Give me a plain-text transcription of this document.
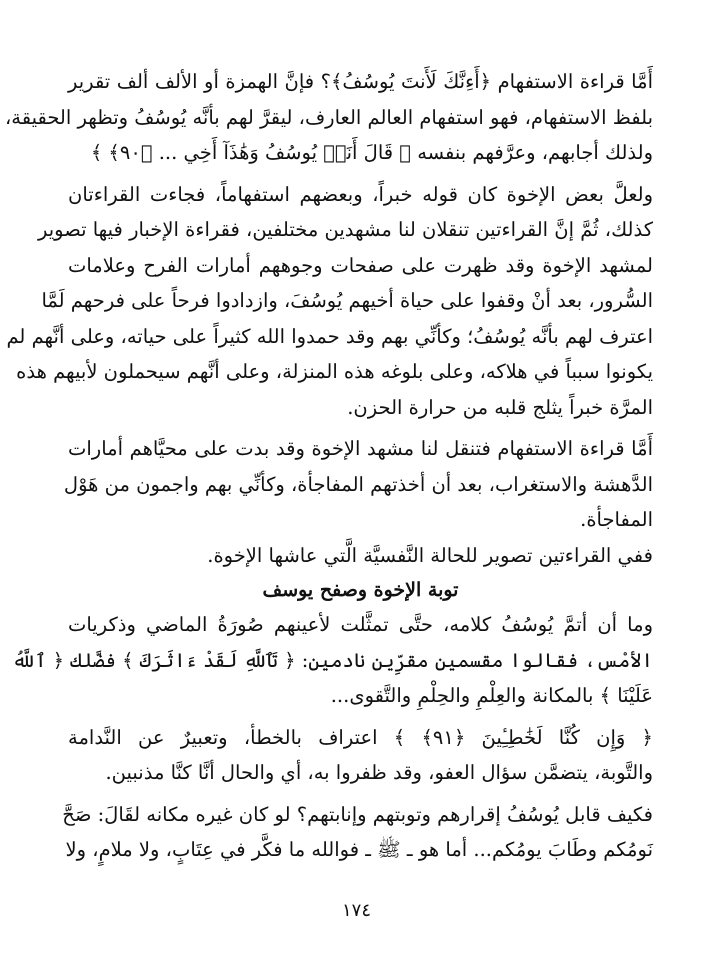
أَمَّا قراءة الاستفهام ﴿أَءِنَّكَ لَأَنتَ يُوسُفُ﴾؟ فإنَّ الهمزة أو الألف ألف تقرير
بلفظ الاستفهام، فهو استفهام العالم العارف، ليقرَّ لهم بأنَّه يُوسُفُ وتظهر الحقيقة،
ولذلك أجابهم، وعرَّفهم بنفسه ﴿ قَالَ أَنَا۠ يُوسُفُ وَهَٰذَآ أَخِي ... ﴿٩٠﴾ ﴾
ولعلَّ بعض الإخوة كان قوله خبراً، وبعضهم استفهاماً، فجاءت القراءتان
كذلك، ثُمَّ إنَّ القراءتين تنقلان لنا مشهدين مختلفين، فقراءة الإخبار فيها تصوير
لمشهد الإخوة وقد ظهرت على صفحات وجوههم أمارات الفرح وعلامات
السُّرور، بعد أنْ وقفوا على حياة أخيهم يُوسُفَ، وازدادوا فرحاً على فرحهم لَمَّا
اعترف لهم بأنَّه يُوسُفُ؛ وكأنِّي بهم وقد حمدوا الله كثيراً على حياته، وعلى أنَّهم لم
يكونوا سبباً في هلاكه، وعلى بلوغه هذه المنزلة، وعلى أنَّهم سيحملون لأبيهم هذه
المرَّة خبراً يثلج قلبه من حرارة الحزن.
أَمَّا قراءة الاستفهام فتنقل لنا مشهد الإخوة وقد بدت على محيَّاهم أمارات
الدَّهشة والاستغراب، بعد أن أخذتهم المفاجأة، وكأنِّي بهم واجمون من هَوْل
المفاجأة.
ففي القراءتين تصوير للحالة النَّفسيَّة الَّتي عاشها الإخوة.

توبة الإخوة وصفح يوسف

وما أن أتمَّ يُوسُفُ كلامه، حتَّى تمثَّلت لأعينهم صُورَةُ الماضي وذكريات
الأمْس، فقالوا مقسمين مقرِّين نادمين: ﴿ تَٱللَّهِ لَقَدْ ءَاثَرَكَ ﴾ فضَّلك ﴿ ٱللَّهُ
عَلَيْنَا ﴾ بالمكانة والعِلْمِ والحِلْمِ والتَّقوى...
﴿ وَإِن كُنَّا لَخَٰطِـِٔينَ ﴿٩١﴾ ﴾ اعتراف بالخطأ، وتعبيرٌ عن النَّدامة
والتَّوبة، يتضمَّن سؤال العفو، وقد ظفروا به، أي والحال أنَّا كنَّا مذنبين.
فكيف قابل يُوسُفُ إقرارهم وتوبتهم وإنابتهم؟ لو كان غيره مكانه لقَالَ: صَحَّ
نَومُكم وطَابَ يومُكم... أما هو ـ ﷺ ـ فوالله ما فكَّر في عِتَابٍ، ولا ملامٍ، ولا
١٧٤
